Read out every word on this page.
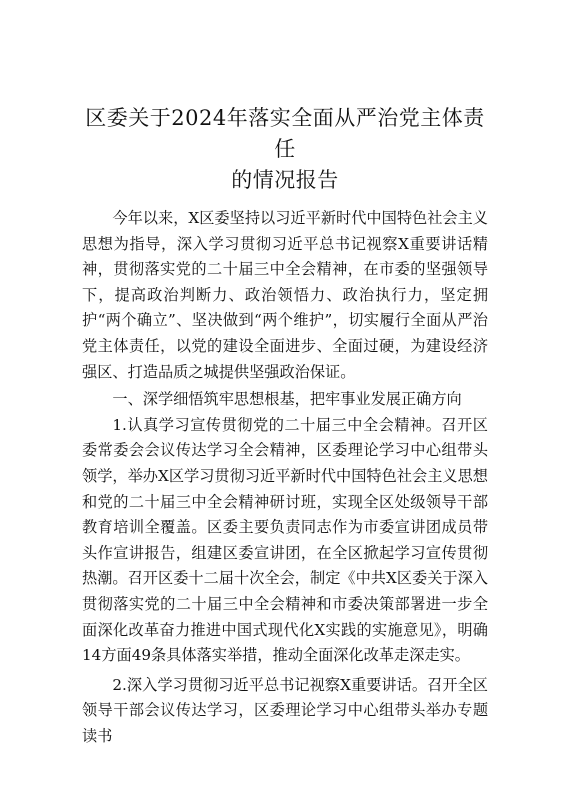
区委关于2024年落实全面从严治党主体责任
的情况报告

今年以来，X区委坚持以习近平新时代中国特色社会主义思想为指导，深入学习贯彻习近平总书记视察X重要讲话精神，贯彻落实党的二十届三中全会精神，在市委的坚强领导下，提高政治判断力、政治领悟力、政治执行力，坚定拥护“两个确立”、坚决做到“两个维护”，切实履行全面从严治党主体责任，以党的建设全面进步、全面过硬，为建设经济强区、打造品质之城提供坚强政治保证。

一、深学细悟筑牢思想根基，把牢事业发展正确方向

1.认真学习宣传贯彻党的二十届三中全会精神。召开区委常委会会议传达学习全会精神，区委理论学习中心组带头领学，举办X区学习贯彻习近平新时代中国特色社会主义思想和党的二十届三中全会精神研讨班，实现全区处级领导干部教育培训全覆盖。区委主要负责同志作为市委宣讲团成员带头作宣讲报告，组建区委宣讲团，在全区掀起学习宣传贯彻热潮。召开区委十二届十次全会，制定《中共X区委关于深入贯彻落实党的二十届三中全会精神和市委决策部署进一步全面深化改革奋力推进中国式现代化X实践的实施意见》，明确14方面49条具体落实举措，推动全面深化改革走深走实。

2.深入学习贯彻习近平总书记视察X重要讲话。召开全区领导干部会议传达学习，区委理论学习中心组带头举办专题读书
